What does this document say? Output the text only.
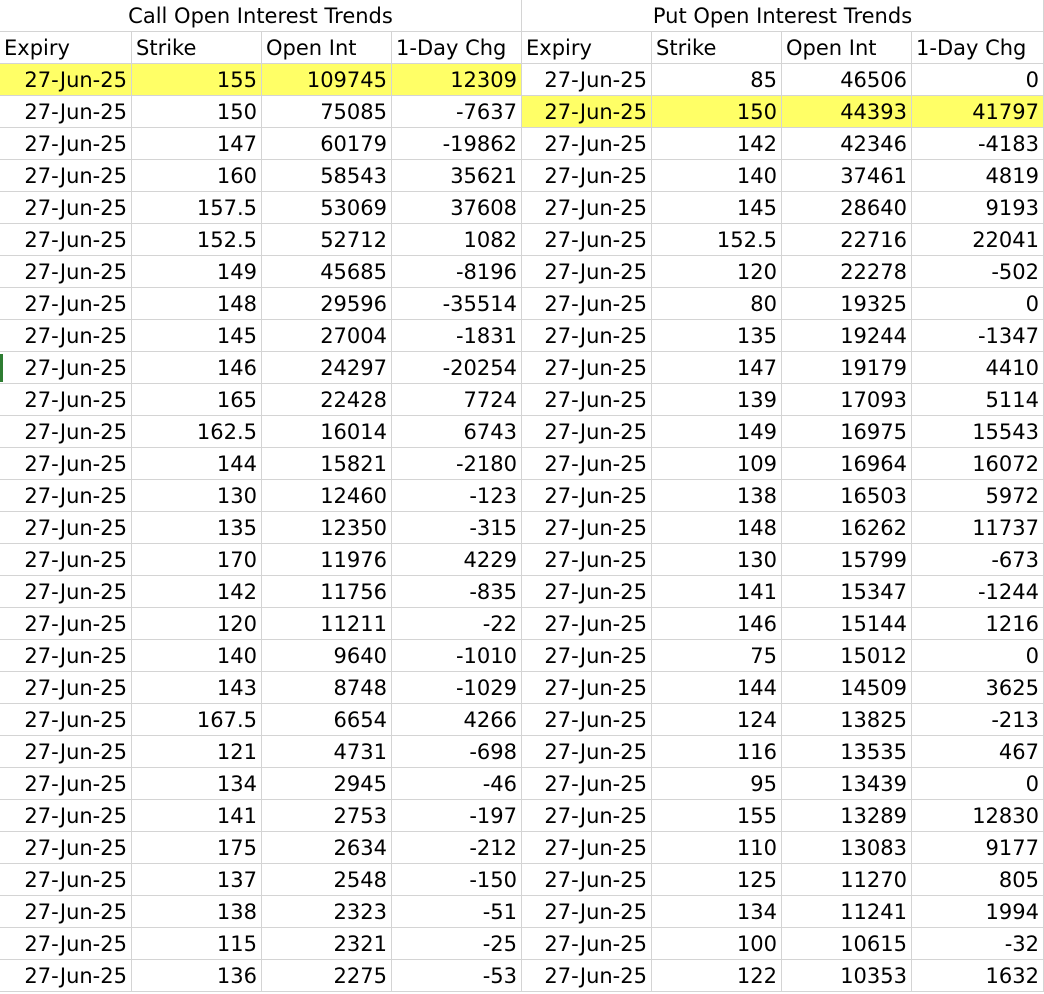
Call Open Interest Trends	Put Open Interest Trends
Expiry	Strike	Open Int	1-Day Chg Expiry	Strike	Open Int	1-Day Chg
27-Jun-25	155	109745	12309	27-Jun-25	85	46506	0
27-Jun-25	150	75085	-7637	27-Jun-25	150	44393	41797
27-Jun-25	147	60179	-19862	27-Jun-25	142	42346	-4183
27-Jun-25	160	58543	35621	27-Jun-25	140	37461	4819
27-Jun-25	157.5	53069	37608	27-Jun-25	145	28640	9193
27-Jun-25	152.5	52712	1082	27-Jun-25	152.5	22716	22041
27-Jun-25	149	45685	-8196	27-Jun-25	120	22278	-502
27-Jun-25	148	29596	-35514	27-Jun-25	80	19325	0
27-Jun-25	145	27004	-1831	27-Jun-25	135	19244	-1347
27-Jun-25	146	24297	-20254	27-Jun-25	147	19179	4410
27-Jun-25	165	22428	7724	27-Jun-25	139	17093	5114
27-Jun-25	162.5	16014	6743	27-Jun-25	149	16975	15543
27-Jun-25	144	15821	-2180	27-Jun-25	109	16964	16072
27-Jun-25	130	12460	-123	27-Jun-25	138	16503	5972
27-Jun-25	135	12350	-315	27-Jun-25	148	16262	11737
27-Jun-25	170	11976	4229	27-Jun-25	130	15799	-673
27-Jun-25	142	11756	-835	27-Jun-25	141	15347	-1244
27-Jun-25	120	11211	-22	27-Jun-25	146	15144	1216
27-Jun-25	140	9640	-1010	27-Jun-25	75	15012	0
27-Jun-25	143	8748	-1029	27-Jun-25	144	14509	3625
27-Jun-25	167.5	6654	4266	27-Jun-25	124	13825	-213
27-Jun-25	121	4731	-698	27-Jun-25	116	13535	467
27-Jun-25	134	2945	-46	27-Jun-25	95	13439	0
27-Jun-25	141	2753	-197	27-Jun-25	155	13289	12830
27-Jun-25	175	2634	-212	27-Jun-25	110	13083	9177
27-Jun-25	137	2548	-150	27-Jun-25	125	11270	805
27-Jun-25	138	2323	-51	27-Jun-25	134	11241	1994
27-Jun-25	115	2321	-25	27-Jun-25	100	10615	-32
27-Jun-25	136	2275	-53	27-Jun-25	122	10353	1632
